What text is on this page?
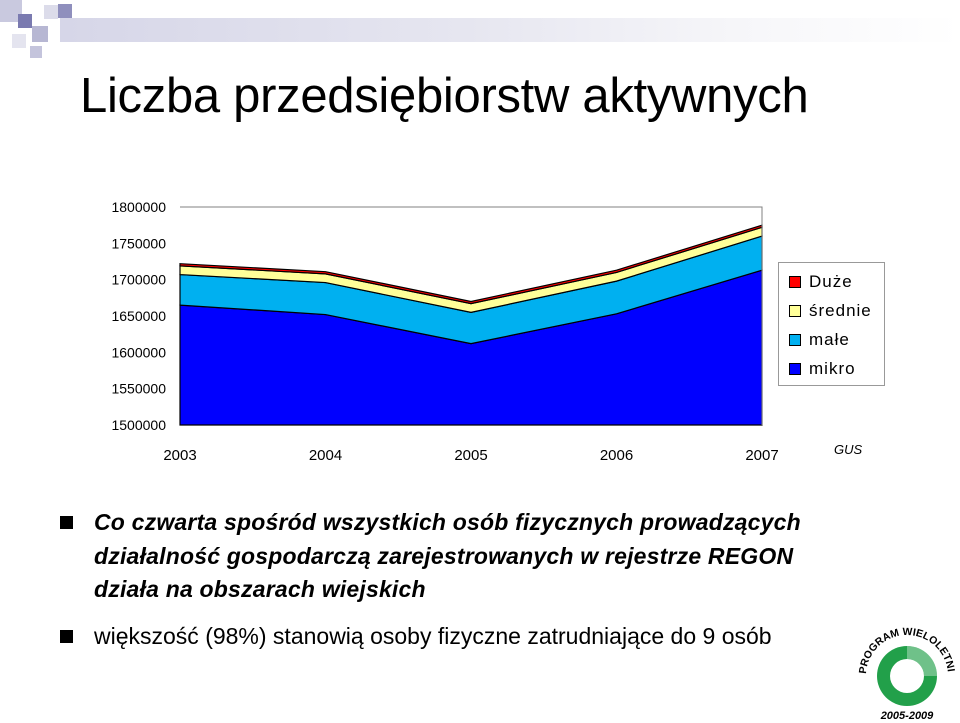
Liczba przedsiębiorstw aktywnych
1800000
1750000
1700000
1650000
1600000
1550000
1500000
2003	2004	2005	2006	2007
Duże
średnie
małe
mikro
GUS
Co czwarta spośród wszystkich osób fizycznych prowadzących działalność gospodarczą zarejestrowanych w rejestrze REGON działa na obszarach wiejskich
większość (98%) stanowią osoby fizyczne zatrudniające do 9 osób
PROGRAM WIELOLETNI
2005-2009
